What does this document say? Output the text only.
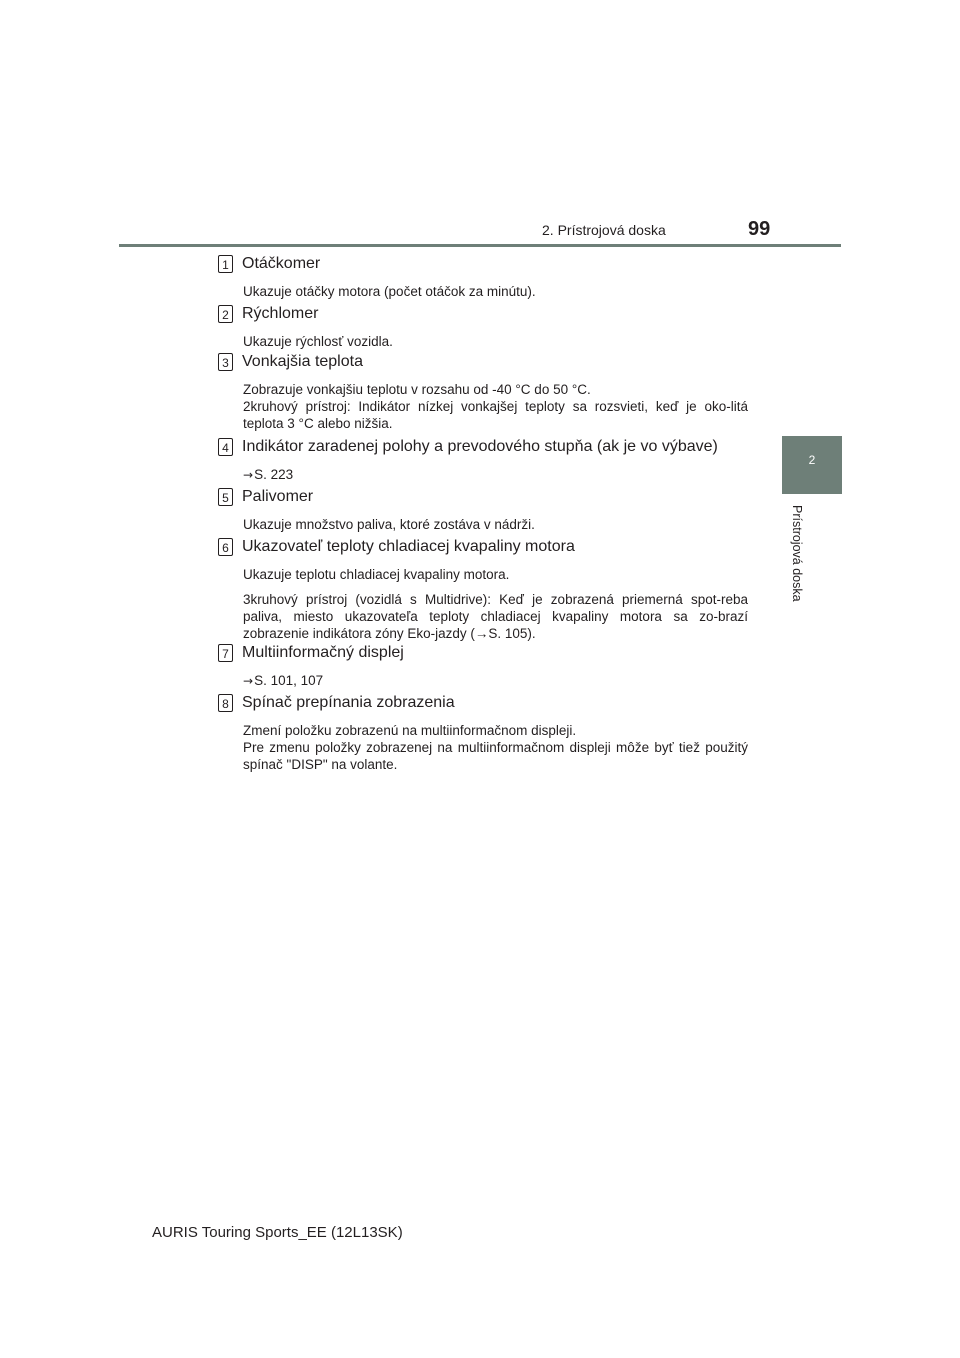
2. Prístrojová doska	99
2
Prístrojová doska
1 Otáčkomer

Ukazuje otáčky motora (počet otáčok za minútu).

2 Rýchlomer

Ukazuje rýchlosť vozidla.

3 Vonkajšia teplota

Zobrazuje vonkajšiu teplotu v rozsahu od -40 °C do 50 °C.

2kruhový prístroj: Indikátor nízkej vonkajšej teploty sa rozsvieti, keď je oko-litá teplota 3 °C alebo nižšia.

4 Indikátor zaradenej polohy a prevodového stupňa (ak je vo výbave)

→S. 223

5 Palivomer

Ukazuje množstvo paliva, ktoré zostáva v nádrži.

6 Ukazovateľ teploty chladiacej kvapaliny motora

Ukazuje teplotu chladiacej kvapaliny motora.

3kruhový prístroj (vozidlá s Multidrive): Keď je zobrazená priemerná spot-reba paliva, miesto ukazovateľa teploty chladiacej kvapaliny motora sa zo-brazí zobrazenie indikátora zóny Eko-jazdy (→S. 105).

7 Multiinformačný displej

→S. 101, 107

8 Spínač prepínania zobrazenia

Zmení položku zobrazenú na multiinformačnom displeji.

Pre zmenu položky zobrazenej na multiinformačnom displeji môže byť tiež použitý spínač "DISP" na volante.

AURIS Touring Sports_EE (12L13SK)
